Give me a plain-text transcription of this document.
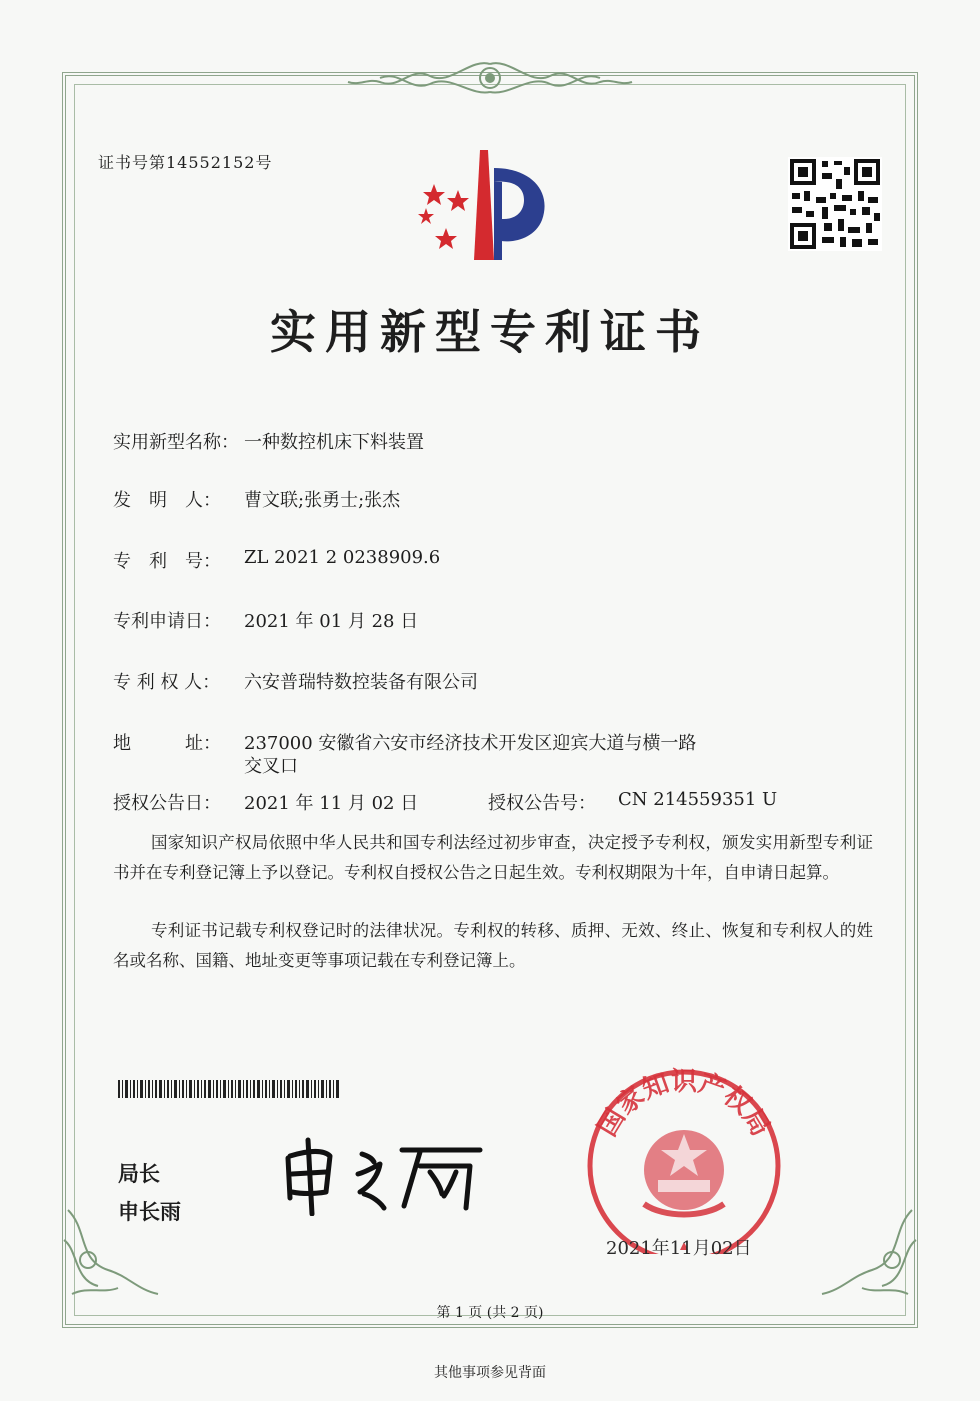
证书号第14552152号
实用新型专利证书
实用新型名称： 一种数控机床下料装置
发　明　人：	曹文联;张勇士;张杰
专　利　号：	ZL 2021 2 0238909.6
专利申请日：	2021 年 01 月 28 日
专 利 权 人：	六安普瑞特数控装备有限公司
地　　　址：	237000 安徽省六安市经济技术开发区迎宾大道与横一路
交叉口
授权公告日：	2021 年 11 月 02 日	授权公告号： CN 214559351 U
国家知识产权局依照中华人民共和国专利法经过初步审查，决定授予专利权，颁发实用新型专利证书并在专利登记簿上予以登记。专利权自授权公告之日起生效。专利权期限为十年，自申请日起算。
专利证书记载专利权登记时的法律状况。专利权的转移、质押、无效、终止、恢复和专利权人的姓名或名称、国籍、地址变更等事项记载在专利登记簿上。
局长
申长雨
国家知识产权局
2021年11月02日
第 1 页 (共 2 页)
其他事项参见背面
